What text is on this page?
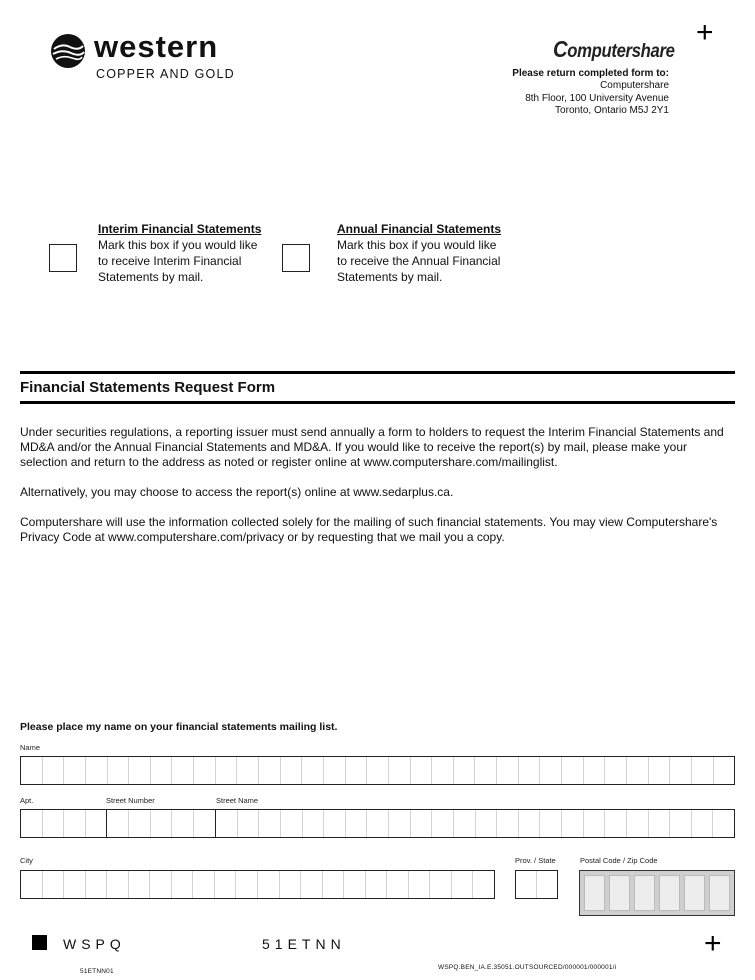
western
COPPER AND GOLD
Computershare
+
Please return completed form to:
Computershare
8th Floor, 100 University Avenue
Toronto, Ontario M5J 2Y1
Interim Financial Statements
Mark this box if you would like to receive Interim Financial Statements by mail.
Annual Financial Statements
Mark this box if you would like to receive the Annual Financial Statements by mail.
Financial Statements Request Form
Under securities regulations, a reporting issuer must send annually a form to holders to request the Interim Financial Statements and MD&A and/or the Annual Financial Statements and MD&A. If you would like to receive the report(s) by mail, please make your selection and return to the address as noted or register online at www.computershare.com/mailinglist.
Alternatively, you may choose to access the report(s) online at www.sedarplus.ca.
Computershare will use the information collected solely for the mailing of such financial statements. You may view Computershare's Privacy Code at www.computershare.com/privacy or by requesting that we mail you a copy.
Please place my name on your financial statements mailing list.
Name
Apt.	Street Number	Street Name
City	Prov. / State	Postal Code / Zip Code
WSPQ	51ETNN	+
51ETNN01
WSPQ.BEN_IA.E.35051.OUTSOURCED/000001/000001/i
